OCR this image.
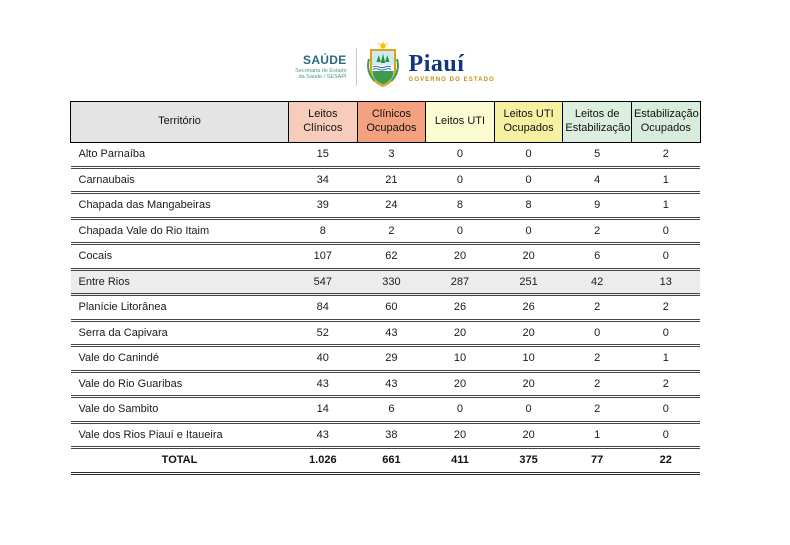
SAÚDE
Secretaria de Estado
da Saúde / SESAPI
Piauí
GOVERNO DO ESTADO
Território	Leitos Clínicos	Clínicos Ocupados	Leitos UTI	Leitos UTI Ocupados	Leitos de Estabilização	Estabilização Ocupados
Alto Parnaíba	15	3	0	0	5	2
Carnaubais	34	21	0	0	4	1
Chapada das Mangabeiras	39	24	8	8	9	1
Chapada Vale do Rio Itaim	8	2	0	0	2	0
Cocais	107	62	20	20	6	0
Entre Rios	547	330	287	251	42	13
Planície Litorânea	84	60	26	26	2	2
Serra da Capivara	52	43	20	20	0	0
Vale do Canindé	40	29	10	10	2	1
Vale do Rio Guaribas	43	43	20	20	2	2
Vale do Sambito	14	6	0	0	2	0
Vale dos Rios Piauí e Itaueira	43	38	20	20	1	0
TOTAL	1.026	661	411	375	77	22
